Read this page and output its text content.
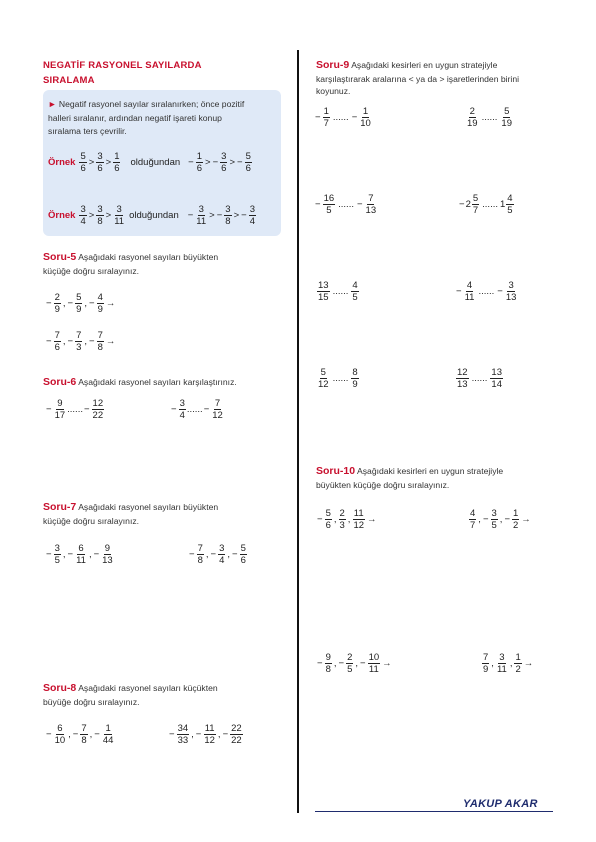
NEGATİF RASYONEL SAYILARDA
SIRALAMA
► Negatif rasyonel sayılar sıralanırken; önce pozitif
halleri sıralanır, ardından negatif işareti konup
sıralama ters çevrilir.
Örnek $\frac{5}{6} > \frac{3}{6} > \frac{1}{6}$ olduğundan − $\frac{1}{6}$ > − $\frac{3}{6}$ > − $\frac{5}{6}$
Örnek $\frac{3}{4} > \frac{3}{8} > \frac{3}{11}$ olduğundan − $\frac{3}{11}$ > − $\frac{3}{8}$ > − $\frac{3}{4}$
Soru-5 Aşağıdaki rasyonel sayıları büyükten
küçüğe doğru sıralayınız.
− $\frac{2}{9}$ , − $\frac{5}{9}$ , − $\frac{4}{9}$ →
− $\frac{7}{6}$ , − $\frac{7}{3}$ , − $\frac{7}{8}$ →
Soru-6 Aşağıdaki rasyonel sayıları karşılaştırınız.
− $\frac{9}{17}$ ...... − $\frac{12}{22}$	− $\frac{3}{4}$ ...... − $\frac{7}{12}$
Soru-7 Aşağıdaki rasyonel sayıları büyükten
küçüğe doğru sıralayınız.
− $\frac{3}{5}$ , − $\frac{6}{11}$ , − $\frac{9}{13}$	− $\frac{7}{8}$ , − $\frac{3}{4}$ , − $\frac{5}{6}$
Soru-8 Aşağıdaki rasyonel sayıları küçükten
büyüğe doğru sıralayınız.
− $\frac{6}{10}$ , − $\frac{7}{8}$ , − $\frac{1}{44}$	− $\frac{34}{33}$ , − $\frac{11}{12}$ , − $\frac{22}{22}$
Soru-9 Aşağıdaki kesirleri en uygun stratejiyle
karşılaştırarak aralarına < ya da > işaretlerinden birini
koyunuz.
− $\frac{1}{7}$ ...... − $\frac{1}{10}$	$\frac{2}{19}$ ...... $\frac{5}{19}$
− $\frac{16}{5}$ ...... − $\frac{7}{13}$	− $2 \frac{5}{7}$ ...... $1 \frac{4}{5}$
$\frac{13}{15}$ ...... $\frac{4}{5}$	− $\frac{4}{11}$ ...... − $\frac{3}{13}$
$\frac{5}{12}$ ...... $\frac{8}{9}$	$\frac{12}{13}$ ...... $\frac{13}{14}$
Soru-10 Aşağıdaki kesirleri en uygun stratejiyle
büyükten küçüğe doğru sıralayınız.
− $\frac{5}{6}$ , $\frac{2}{3}$ , $\frac{11}{12}$ →	$\frac{4}{7}$ , − $\frac{3}{5}$ , − $\frac{1}{2}$ →
− $\frac{9}{8}$ , − $\frac{2}{5}$ , − $\frac{10}{11}$ →	$\frac{7}{9}$ , $\frac{3}{11}$ , $\frac{1}{2}$ →
YAKUP AKAR
